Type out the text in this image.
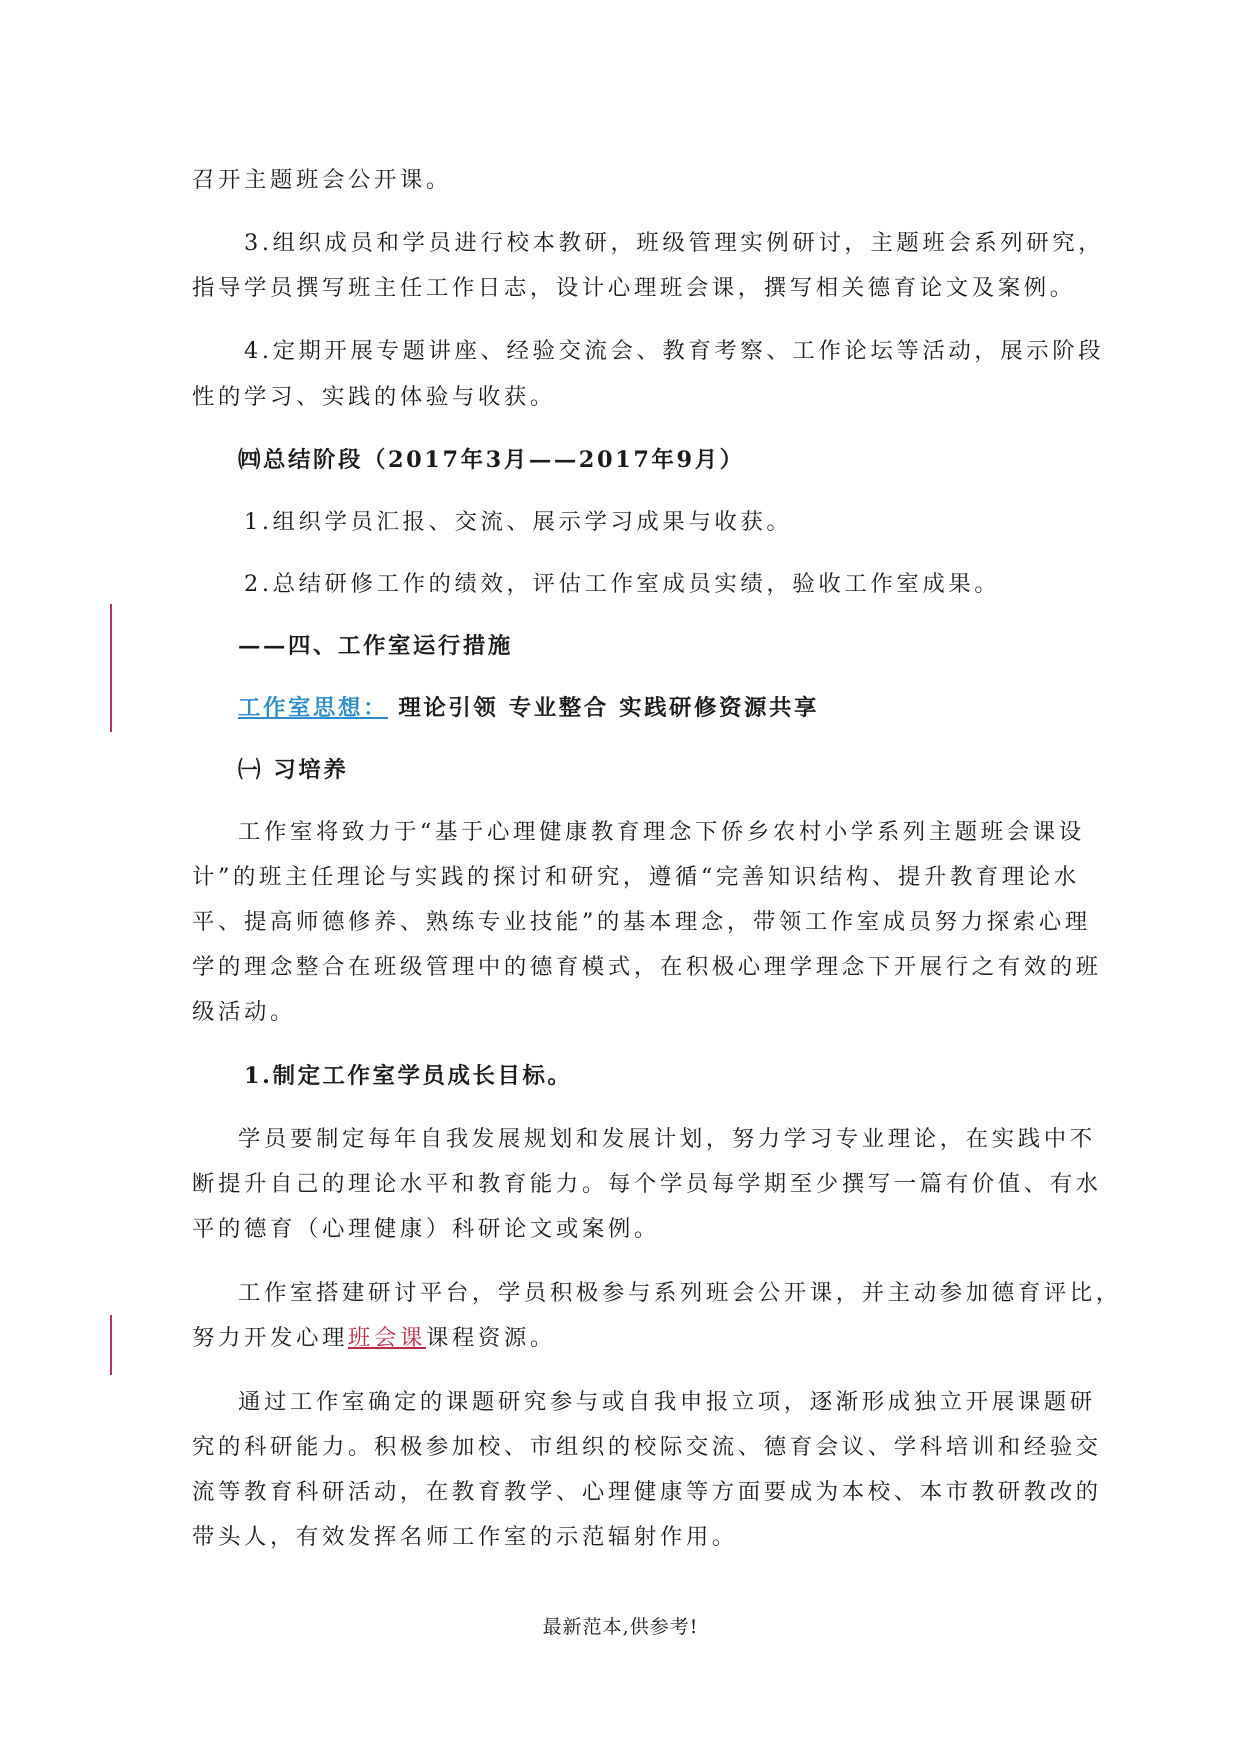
召开主题班会公开课。
3.组织成员和学员进行校本教研，班级管理实例研讨，主题班会系列研究，
指导学员撰写班主任工作日志，设计心理班会课，撰写相关德育论文及案例。
4.定期开展专题讲座、经验交流会、教育考察、工作论坛等活动，展示阶段
性的学习、实践的体验与收获。
㈣总结阶段（2017年3月——2017年9月）
1.组织学员汇报、交流、展示学习成果与收获。
2.总结研修工作的绩效，评估工作室成员实绩，验收工作室成果。
——四、工作室运行措施
工作室思想： 理论引领 专业整合 实践研修资源共享
㈠ 习培养
工作室将致力于“基于心理健康教育理念下侨乡农村小学系列主题班会课设
计”的班主任理论与实践的探讨和研究，遵循“完善知识结构、提升教育理论水
平、提高师德修养、熟练专业技能”的基本理念，带领工作室成员努力探索心理
学的理念整合在班级管理中的德育模式，在积极心理学理念下开展行之有效的班
级活动。
1.制定工作室学员成长目标。
学员要制定每年自我发展规划和发展计划，努力学习专业理论，在实践中不
断提升自己的理论水平和教育能力。每个学员每学期至少撰写一篇有价值、有水
平的德育（心理健康）科研论文或案例。
工作室搭建研讨平台，学员积极参与系列班会公开课，并主动参加德育评比，
努力开发心理班会课课程资源。
通过工作室确定的课题研究参与或自我申报立项，逐渐形成独立开展课题研
究的科研能力。积极参加校、市组织的校际交流、德育会议、学科培训和经验交
流等教育科研活动，在教育教学、心理健康等方面要成为本校、本市教研教改的
带头人，有效发挥名师工作室的示范辐射作用。
最新范本,供参考!
